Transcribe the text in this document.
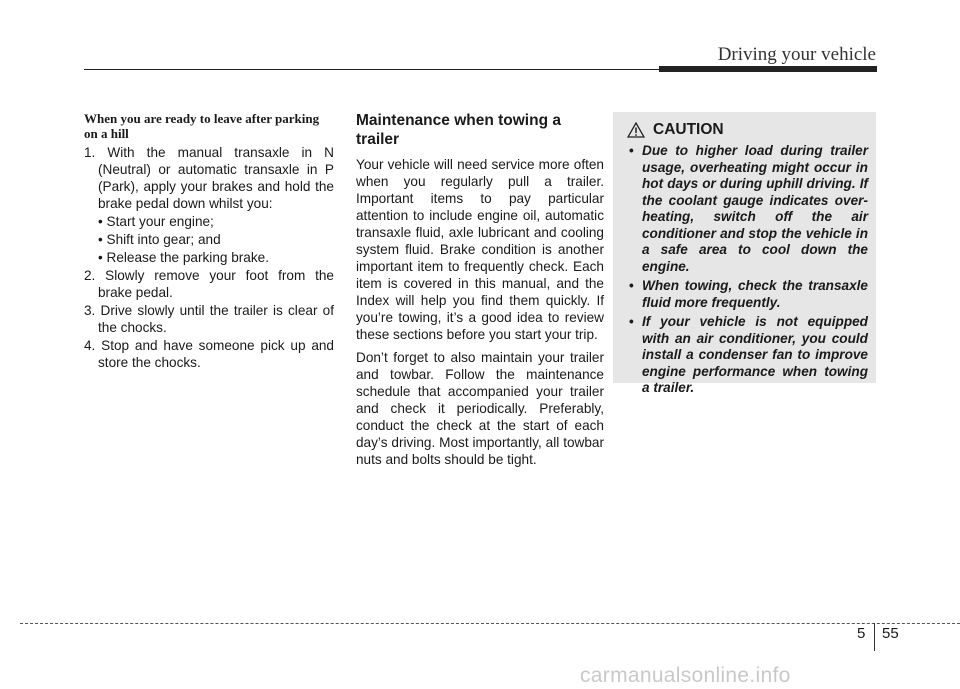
Driving your vehicle

When you are ready to leave after parking on a hill

1. With the manual transaxle in N (Neutral) or automatic transaxle in P (Park), apply your brakes and hold the brake pedal down whilst you:

• Start your engine;

• Shift into gear; and

• Release the parking brake.

2. Slowly remove your foot from the brake pedal.

3. Drive slowly until the trailer is clear of the chocks.

4. Stop and have someone pick up and store the chocks.

Maintenance when towing a trailer

Your vehicle will need service more often when you regularly pull a trailer. Important items to pay particular attention to include engine oil, automatic transaxle fluid, axle lubricant and cooling system fluid. Brake condition is another important item to frequently check. Each item is covered in this manual, and the Index will help you find them quickly. If you’re towing, it’s a good idea to review these sections before you start your trip.

Don’t forget to also maintain your trailer and towbar. Follow the maintenance schedule that accompanied your trailer and check it periodically. Preferably, conduct the check at the start of each day’s driving. Most importantly, all towbar nuts and bolts should be tight.

CAUTION

• Due to higher load during trailer usage, overheating might occur in hot days or during uphill driving. If the coolant gauge indicates over-heating, switch off the air conditioner and stop the vehicle in a safe area to cool down the engine.

• When towing, check the transaxle fluid more frequently.

• If your vehicle is not equipped with an air conditioner, you could install a condenser fan to improve engine performance when towing a trailer.

5 55
carmanualsonline.info
